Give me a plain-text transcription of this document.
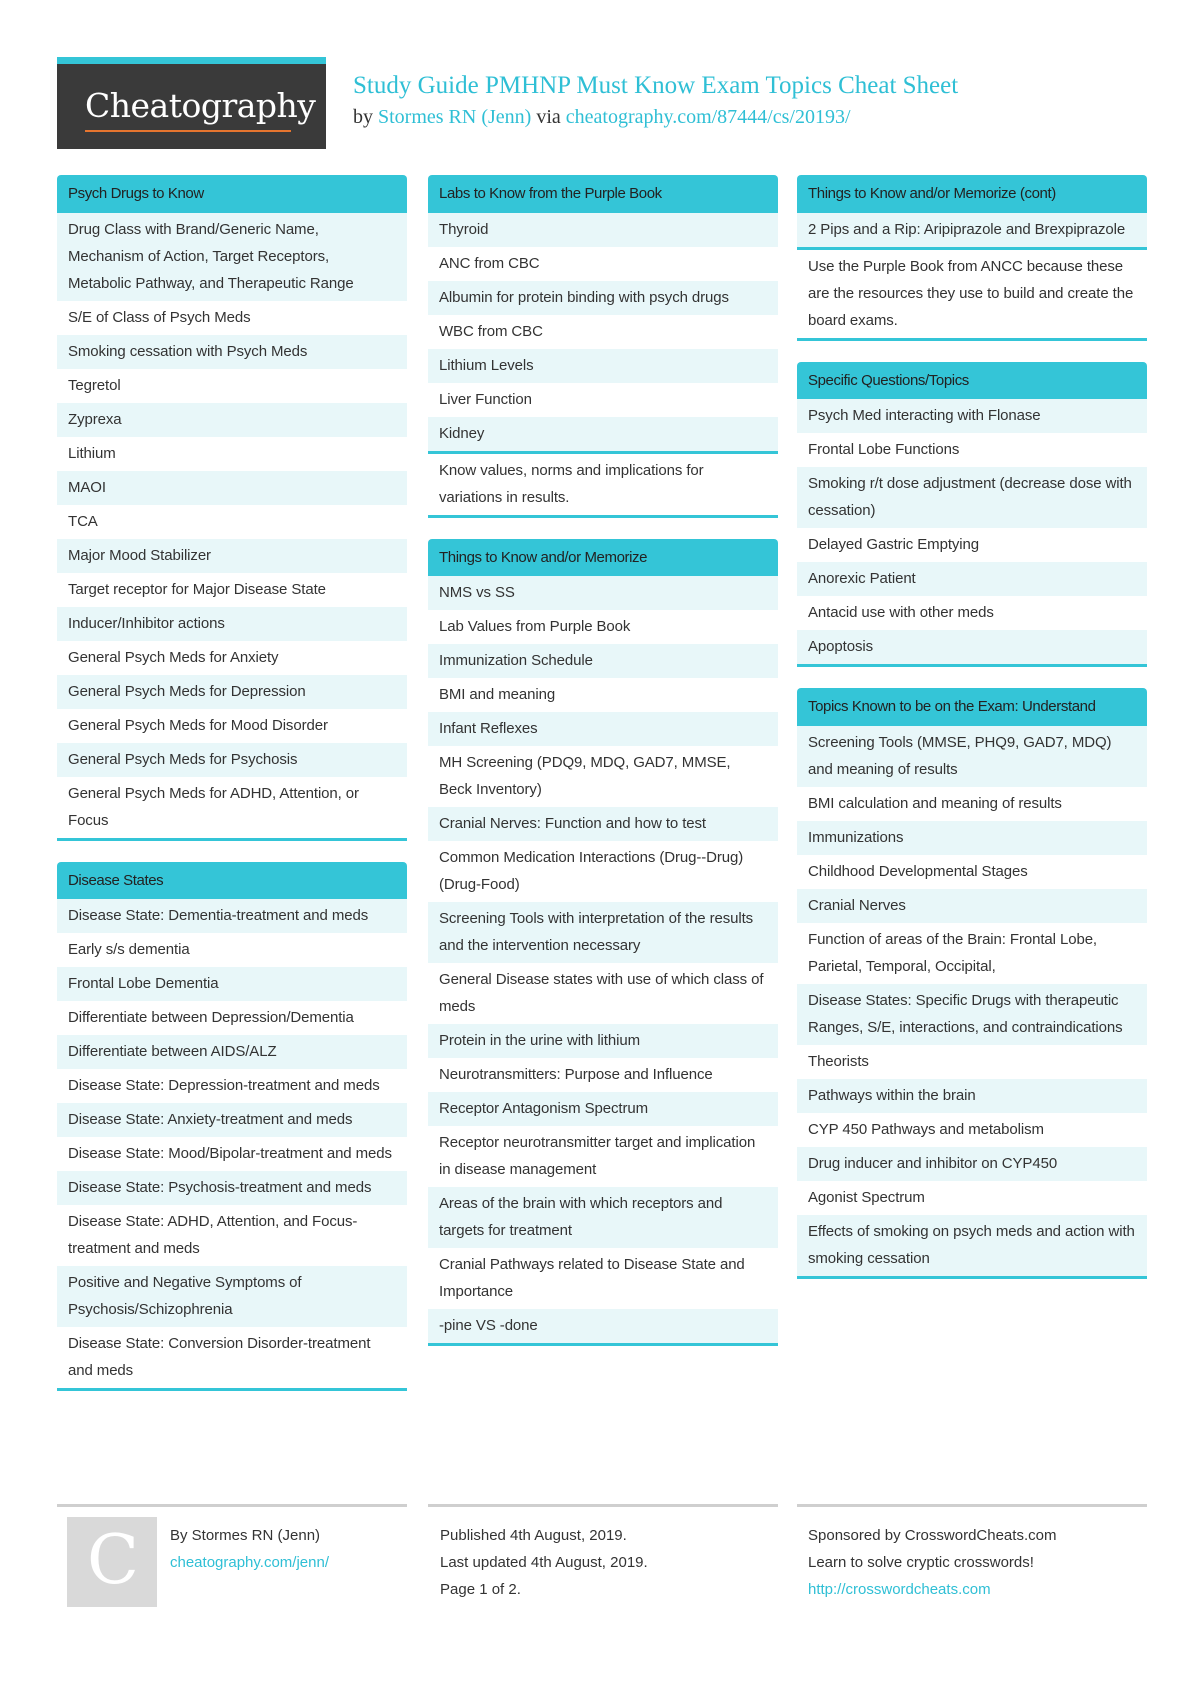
Cheatography
Study Guide PMHNP Must Know Exam Topics Cheat Sheet
by Stormes RN (Jenn) via cheatography.com/87444/cs/20193/
Psych Drugs to Know
Drug Class with Brand/Generic Name, Mechanism of Action, Target Receptors, Metabolic Pathway, and Therapeutic Range
S/E of Class of Psych Meds
Smoking cessation with Psych Meds
Tegretol
Zyprexa
Lithium
MAOI
TCA
Major Mood Stabilizer
Target receptor for Major Disease State
Inducer/Inhibitor actions
General Psych Meds for Anxiety
General Psych Meds for Depression
General Psych Meds for Mood Disorder
General Psych Meds for Psychosis
General Psych Meds for ADHD, Attention, or Focus
Disease States
Disease State: Dementia-treatment and meds
Early s/s dementia
Frontal Lobe Dementia
Differentiate between Depression/Dementia
Differentiate between AIDS/ALZ
Disease State: Depression-treatment and meds
Disease State: Anxiety-treatment and meds
Disease State: Mood/Bipolar-treatment and meds
Disease State: Psychosis-treatment and meds
Disease State: ADHD, Attention, and Focus-treatment and meds
Positive and Negative Symptoms of Psychosis/Schizophrenia
Disease State: Conversion Disorder-treatment and meds
Labs to Know from the Purple Book
Thyroid
ANC from CBC
Albumin for protein binding with psych drugs
WBC from CBC
Lithium Levels
Liver Function
Kidney
Know values, norms and implications for variations in results.
Things to Know and/or Memorize
NMS vs SS
Lab Values from Purple Book
Immunization Schedule
BMI and meaning
Infant Reflexes
MH Screening (PDQ9, MDQ, GAD7, MMSE, Beck Inventory)
Cranial Nerves: Function and how to test
Common Medication Interactions (Drug--Drug) (Drug-Food)
Screening Tools with interpretation of the results and the intervention necessary
General Disease states with use of which class of meds
Protein in the urine with lithium
Neurotransmitters: Purpose and Influence
Receptor Antagonism Spectrum
Receptor neurotransmitter target and implication in disease management
Areas of the brain with which receptors and targets for treatment
Cranial Pathways related to Disease State and Importance
-pine VS -done
Things to Know and/or Memorize (cont)
2 Pips and a Rip: Aripiprazole and Brexpiprazole
Use the Purple Book from ANCC because these are the resources they use to build and create the board exams.
Specific Questions/Topics
Psych Med interacting with Flonase
Frontal Lobe Functions
Smoking r/t dose adjustment (decrease dose with cessation)
Delayed Gastric Emptying
Anorexic Patient
Antacid use with other meds
Apoptosis
Topics Known to be on the Exam: Understand
Screening Tools (MMSE, PHQ9, GAD7, MDQ) and meaning of results
BMI calculation and meaning of results
Immunizations
Childhood Developmental Stages
Cranial Nerves
Function of areas of the Brain: Frontal Lobe, Parietal, Temporal, Occipital,
Disease States: Specific Drugs with therapeutic Ranges, S/E, interactions, and contraindications
Theorists
Pathways within the brain
CYP 450 Pathways and metabolism
Drug inducer and inhibitor on CYP450
Agonist Spectrum
Effects of smoking on psych meds and action with smoking cessation
C By Stormes RN (Jenn)
cheatography.com/jenn/
Published 4th August, 2019.
Last updated 4th August, 2019.
Page 1 of 2.
Sponsored by CrosswordCheats.com
Learn to solve cryptic crosswords!
http://crosswordcheats.com
